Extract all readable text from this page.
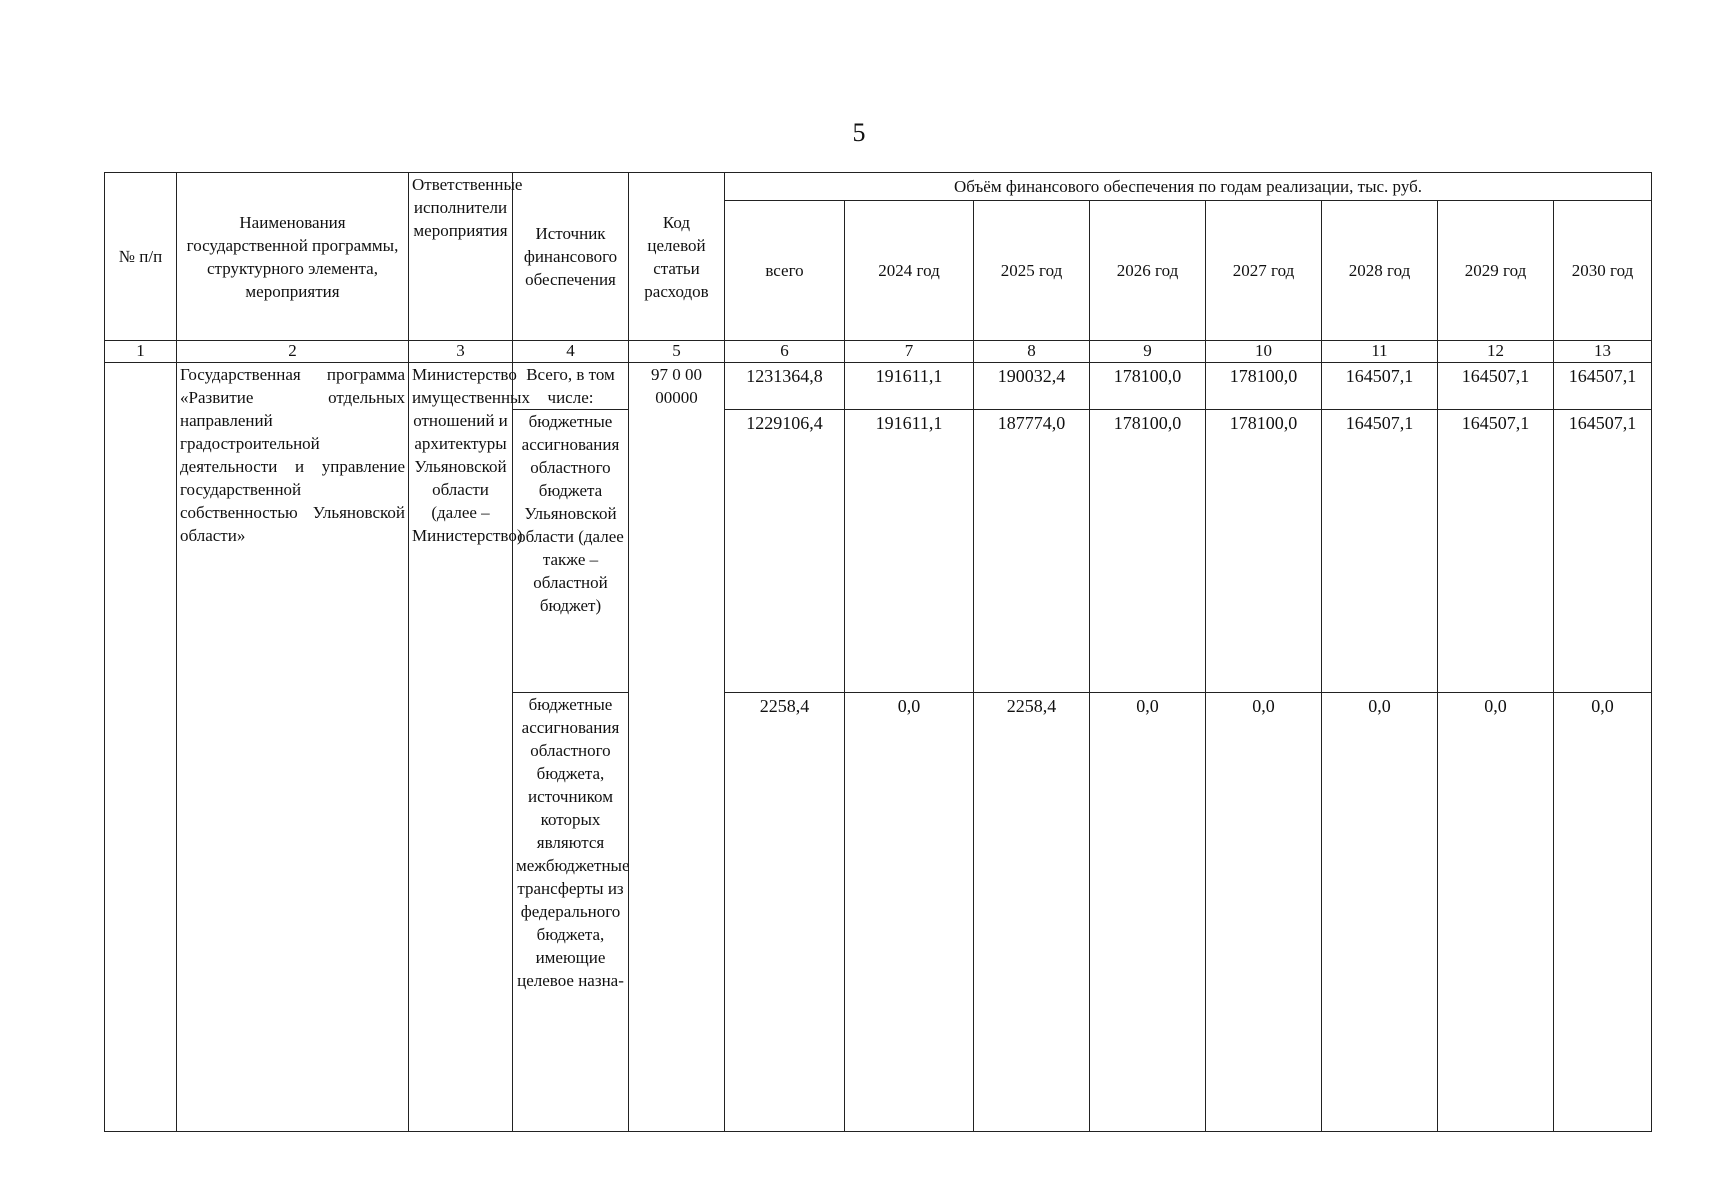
5
№ п/п	Наименования государственной программы, структурного элемента, мероприятия	Ответственные исполнители мероприятия	Источник финансового обеспечения	Код целевой статьи расходов	Объём финансового обеспечения по годам реализации, тыс. руб.							
					всего	2024 год	2025 год	2026 год	2027 год	2028 год	2029 год	2030 год
1	2	3	4	5	6	7	8	9	10	11	12	13
	Государственная программа «Развитие отдельных направлений градостроительной деятельности и управление государственной собственностью Ульяновской области»	Министерство имущественных отношений и архитектуры Ульяновской области (далее – Министерство)	Всего, в том числе:	97 0 00 00000	1231364,8	191611,1	190032,4	178100,0	178100,0	164507,1	164507,1	164507,1
			бюджетные ассигнования областного бюджета Ульяновской области (далее также – областной бюджет)		1229106,4	191611,1	187774,0	178100,0	178100,0	164507,1	164507,1	164507,1
			бюджетные ассигнования областного бюджета, источником которых являются межбюджетные трансферты из федерального бюджета, имеющие целевое назна-		2258,4	0,0	2258,4	0,0	0,0	0,0	0,0	0,0
